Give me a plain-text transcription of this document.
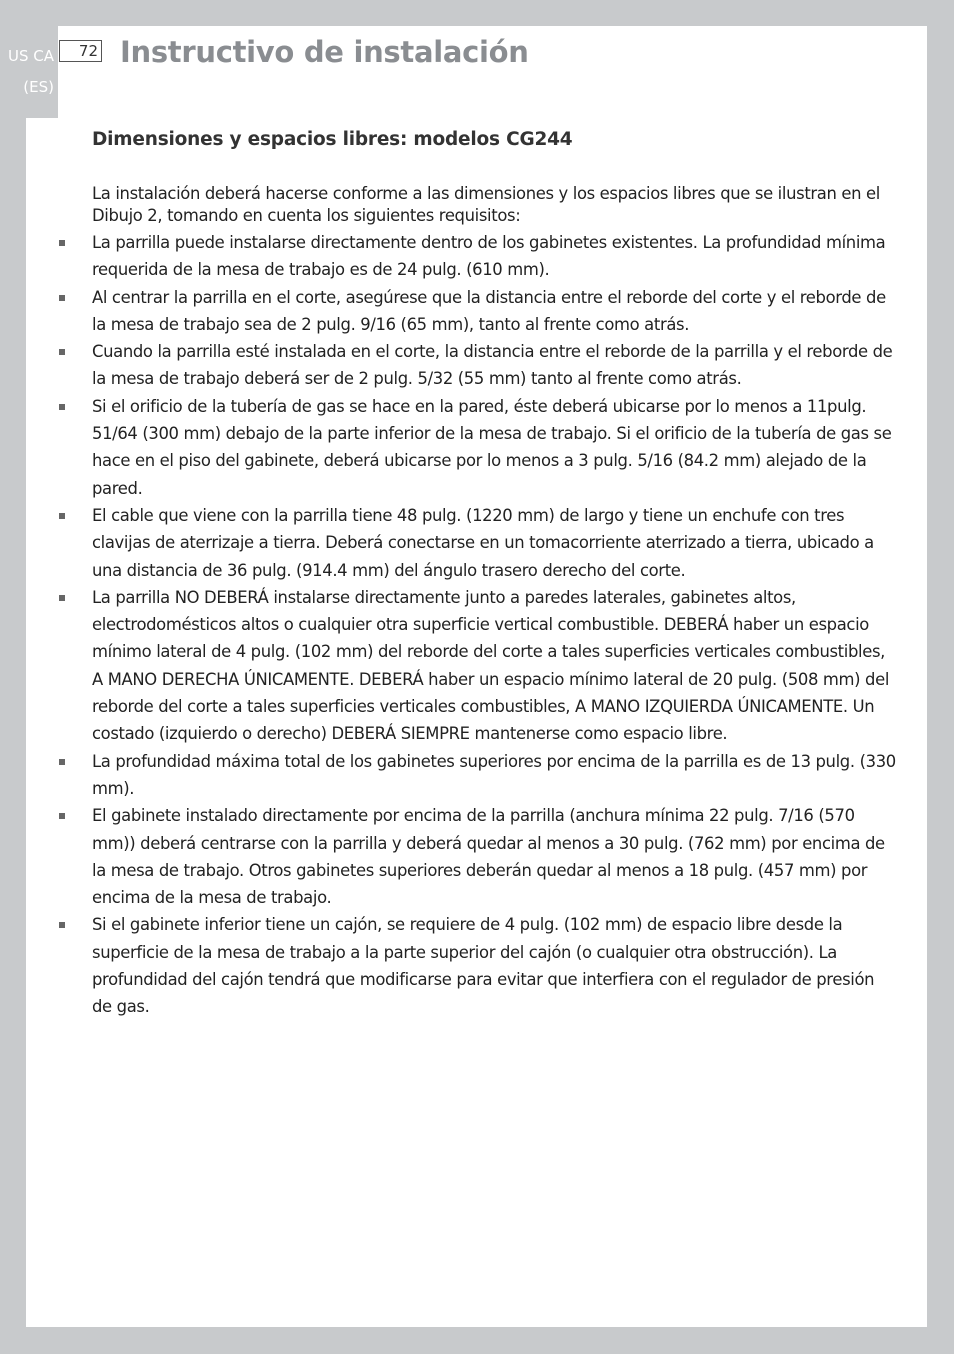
US CA
(ES)
72 Instructivo de instalación
Dimensiones y espacios libres: modelos CG244

La instalación deberá hacerse conforme a las dimensiones y los espacios libres que se ilustran en el Dibujo 2, tomando en cuenta los siguientes requisitos:

La parrilla puede instalarse directamente dentro de los gabinetes existentes. La profundidad mínima requerida de la mesa de trabajo es de 24 pulg. (610 mm).
Al centrar la parrilla en el corte, asegúrese que la distancia entre el reborde del corte y el reborde de la mesa de trabajo sea de 2 pulg. 9/16 (65 mm), tanto al frente como atrás.
Cuando la parrilla esté instalada en el corte, la distancia entre el reborde de la parrilla y el reborde de la mesa de trabajo deberá ser de 2 pulg. 5/32 (55 mm) tanto al frente como atrás.
Si el orificio de la tubería de gas se hace en la pared, éste deberá ubicarse por lo menos a 11pulg. 51/64 (300 mm) debajo de la parte inferior de la mesa de trabajo. Si el orificio de la tubería de gas se hace en el piso del gabinete, deberá ubicarse por lo menos a 3 pulg. 5/16 (84.2 mm) alejado de la pared.
El cable que viene con la parrilla tiene 48 pulg. (1220 mm) de largo y tiene un enchufe con tres clavijas de aterrizaje a tierra. Deberá conectarse en un tomacorriente aterrizado a tierra, ubicado a una distancia de 36 pulg. (914.4 mm) del ángulo trasero derecho del corte.
La parrilla NO DEBERÁ instalarse directamente junto a paredes laterales, gabinetes altos, electrodomésticos altos o cualquier otra superficie vertical combustible. DEBERÁ haber un espacio mínimo lateral de 4 pulg. (102 mm) del reborde del corte a tales superficies verticales combustibles, A MANO DERECHA ÚNICAMENTE. DEBERÁ haber un espacio mínimo lateral de 20 pulg. (508 mm) del reborde del corte a tales superficies verticales combustibles, A MANO IZQUIERDA ÚNICAMENTE. Un costado (izquierdo o derecho) DEBERÁ SIEMPRE mantenerse como espacio libre.
La profundidad máxima total de los gabinetes superiores por encima de la parrilla es de 13 pulg. (330 mm).
El gabinete instalado directamente por encima de la parrilla (anchura mínima 22 pulg. 7/16 (570 mm)) deberá centrarse con la parrilla y deberá quedar al menos a 30 pulg. (762 mm) por encima de la mesa de trabajo. Otros gabinetes superiores deberán quedar al menos a 18 pulg. (457 mm) por encima de la mesa de trabajo.
Si el gabinete inferior tiene un cajón, se requiere de 4 pulg. (102 mm) de espacio libre desde la superficie de la mesa de trabajo a la parte superior del cajón (o cualquier otra obstrucción). La profundidad del cajón tendrá que modificarse para evitar que interfiera con el regulador de presión de gas.
